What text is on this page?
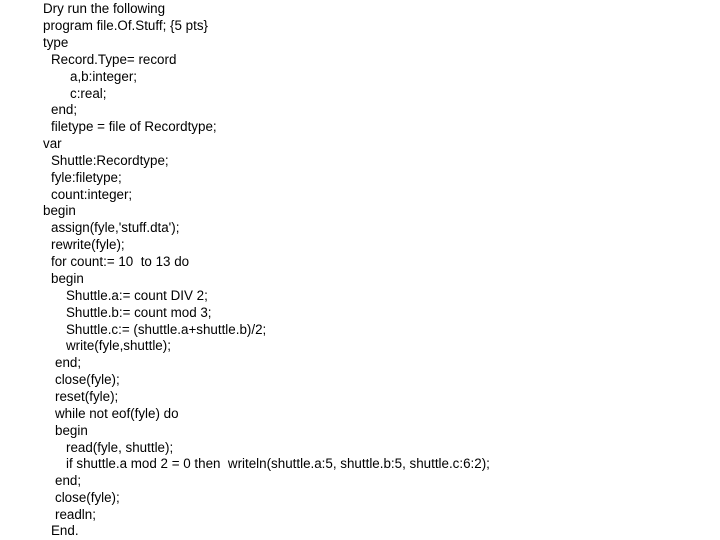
Dry run the following
program file.Of.Stuff; {5 pts}
type
Record.Type= record
a,b:integer;
c:real;
end;
filetype = file of Recordtype;
var
Shuttle:Recordtype;
fyle:filetype;
count:integer;
begin
assign(fyle,'stuff.dta');
rewrite(fyle);
for count:= 10  to 13 do
begin
Shuttle.a:= count DIV 2;
Shuttle.b:= count mod 3;
Shuttle.c:= (shuttle.a+shuttle.b)/2;
write(fyle,shuttle);
end;
close(fyle);
reset(fyle);
while not eof(fyle) do
begin
read(fyle, shuttle);
if shuttle.a mod 2 = 0 then  writeln(shuttle.a:5, shuttle.b:5, shuttle.c:6:2);
end;
close(fyle);
readln;
End.
